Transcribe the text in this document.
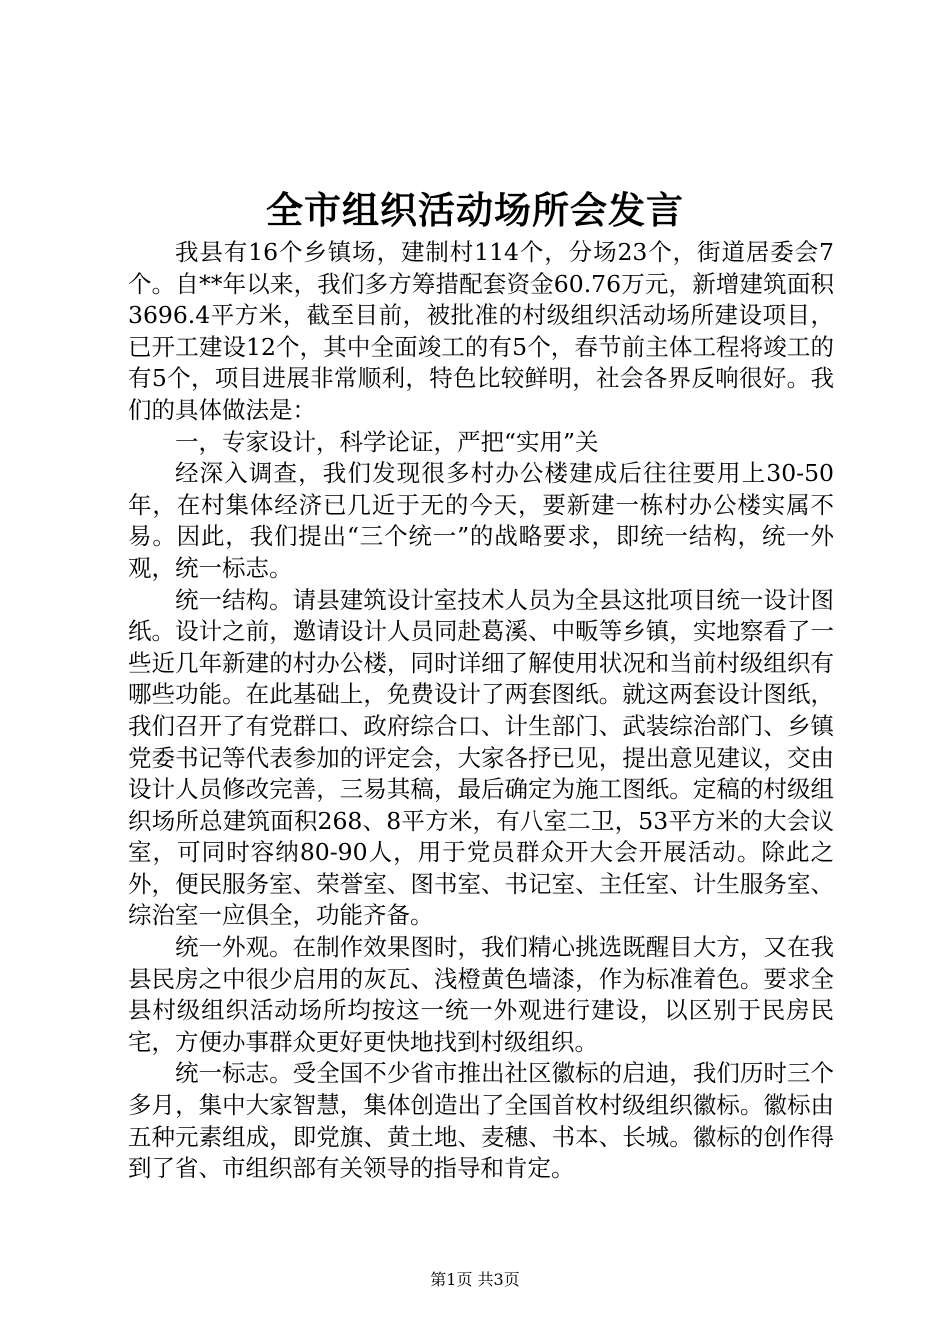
全市组织活动场所会发言

我县有16个乡镇场，建制村114个，分场23个，街道居委会7个。自**年以来，我们多方筹措配套资金60.76万元，新增建筑面积3696.4平方米，截至目前，被批准的村级组织活动场所建设项目，已开工建设12个，其中全面竣工的有5个，春节前主体工程将竣工的有5个，项目进展非常顺利，特色比较鲜明，社会各界反响很好。我们的具体做法是：

一，专家设计，科学论证，严把“实用”关

经深入调查，我们发现很多村办公楼建成后往往要用上30-50年，在村集体经济已几近于无的今天，要新建一栋村办公楼实属不易。因此，我们提出“三个统一”的战略要求，即统一结构，统一外观，统一标志。

统一结构。请县建筑设计室技术人员为全县这批项目统一设计图纸。设计之前，邀请设计人员同赴葛溪、中畈等乡镇，实地察看了一些近几年新建的村办公楼，同时详细了解使用状况和当前村级组织有哪些功能。在此基础上，免费设计了两套图纸。就这两套设计图纸，我们召开了有党群口、政府综合口、计生部门、武装综治部门、乡镇党委书记等代表参加的评定会，大家各抒已见，提出意见建议，交由设计人员修改完善，三易其稿，最后确定为施工图纸。定稿的村级组织场所总建筑面积268、8平方米，有八室二卫，53平方米的大会议室，可同时容纳80-90人，用于党员群众开大会开展活动。除此之外，便民服务室、荣誉室、图书室、书记室、主任室、计生服务室、综治室一应俱全，功能齐备。

统一外观。在制作效果图时，我们精心挑选既醒目大方，又在我县民房之中很少启用的灰瓦、浅橙黄色墙漆，作为标准着色。要求全县村级组织活动场所均按这一统一外观进行建设，以区别于民房民宅，方便办事群众更好更快地找到村级组织。

统一标志。受全国不少省市推出社区徽标的启迪，我们历时三个多月，集中大家智慧，集体创造出了全国首枚村级组织徽标。徽标由五种元素组成，即党旗、黄土地、麦穗、书本、长城。徽标的创作得到了省、市组织部有关领导的指导和肯定。

第1页 共3页
